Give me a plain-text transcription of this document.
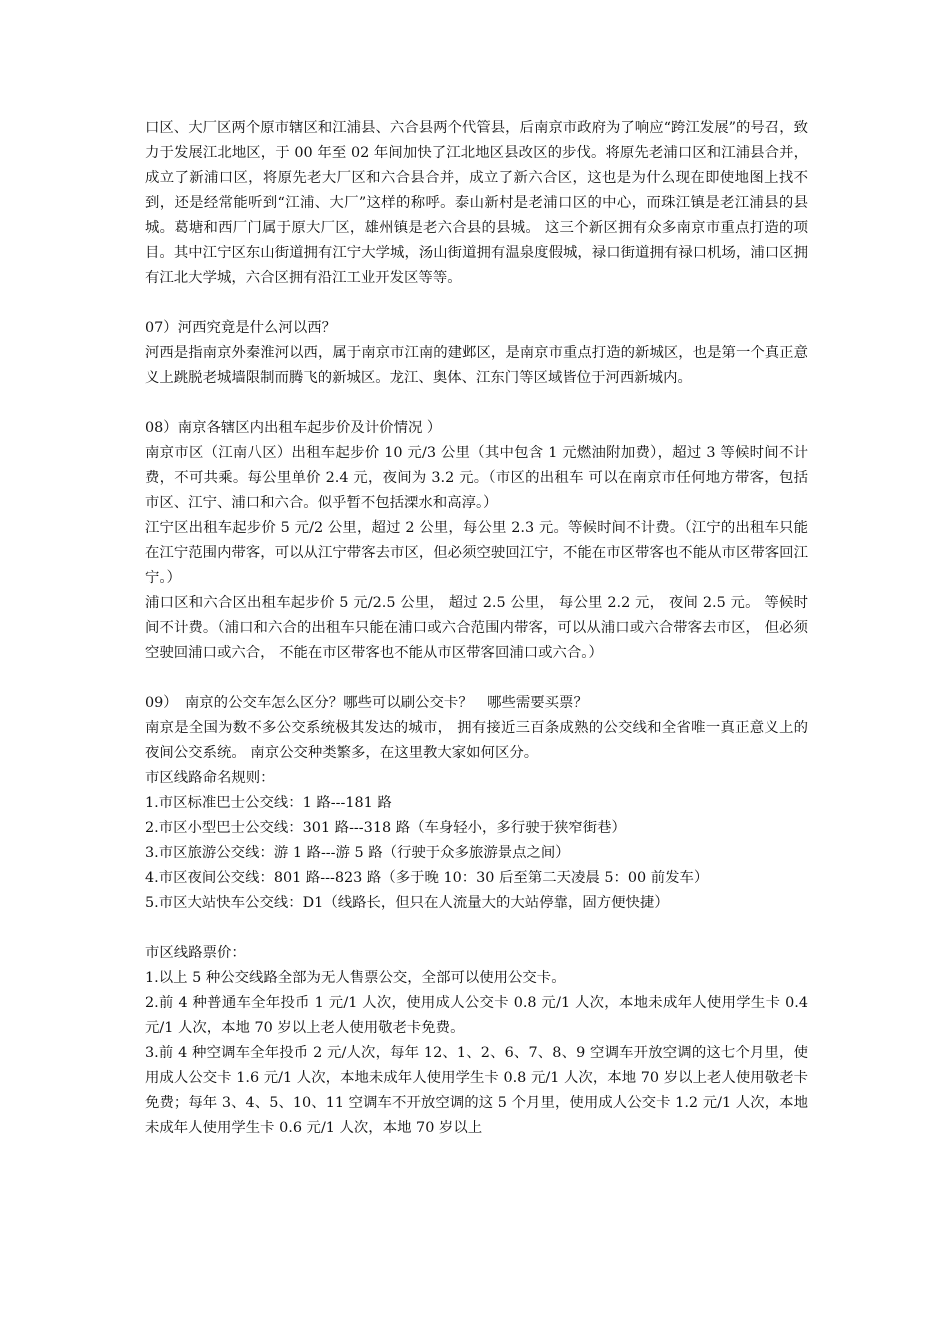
口区、大厂区两个原市辖区和江浦县、六合县两个代管县，后南京市政府为了响应“跨江发展”的号召，致力于发展江北地区，于 00 年至 02 年间加快了江北地区县改区的步伐。将原先老浦口区和江浦县合并，成立了新浦口区，将原先老大厂区和六合县合并，成立了新六合区，这也是为什么现在即使地图上找不到，还是经常能听到“江浦、大厂”这样的称呼。泰山新村是老浦口区的中心，而珠江镇是老江浦县的县城。葛塘和西厂门属于原大厂区，雄州镇是老六合县的县城。 这三个新区拥有众多南京市重点打造的项目。其中江宁区东山街道拥有江宁大学城，汤山街道拥有温泉度假城，禄口街道拥有禄口机场，浦口区拥有江北大学城，六合区拥有沿江工业开发区等等。

07）河西究竟是什么河以西？

河西是指南京外秦淮河以西，属于南京市江南的建邺区，是南京市重点打造的新城区，也是第一个真正意义上跳脱老城墙限制而腾飞的新城区。龙江、奥体、江东门等区域皆位于河西新城内。

08）南京各辖区内出租车起步价及计价情况 ）

南京市区（江南八区）出租车起步价 10 元/3 公里（其中包含 1 元燃油附加费），超过 3 等候时间不计费，不可共乘。每公里单价 2.4 元，夜间为 3.2 元。（市区的出租车 可以在南京市任何地方带客，包括市区、江宁、浦口和六合。似乎暂不包括溧水和高淳。）

江宁区出租车起步价 5 元/2 公里，超过 2 公里，每公里 2.3 元。等候时间不计费。（江宁的出租车只能在江宁范围内带客，可以从江宁带客去市区，但必须空驶回江宁，不能在市区带客也不能从市区带客回江宁。）

浦口区和六合区出租车起步价 5 元/2.5 公里， 超过 2.5 公里， 每公里 2.2 元， 夜间 2.5 元。 等候时间不计费。（浦口和六合的出租车只能在浦口或六合范围内带客，可以从浦口或六合带客去市区， 但必须空驶回浦口或六合， 不能在市区带客也不能从市区带客回浦口或六合。）

09）　南京的公交车怎么区分？哪些可以刷公交卡？　哪些需要买票？

南京是全国为数不多公交系统极其发达的城市， 拥有接近三百条成熟的公交线和全省唯一真正意义上的夜间公交系统。 南京公交种类繁多，在这里教大家如何区分。

市区线路命名规则：

1.市区标准巴士公交线：1 路---181 路

2.市区小型巴士公交线：301 路---318 路（车身轻小，多行驶于狭窄街巷）

3.市区旅游公交线：游 1 路---游 5 路（行驶于众多旅游景点之间）

4.市区夜间公交线：801 路---823 路（多于晚 10：30 后至第二天凌晨 5：00 前发车）

5.市区大站快车公交线：D1（线路长，但只在人流量大的大站停靠，固方便快捷）

市区线路票价：

1.以上 5 种公交线路全部为无人售票公交，全部可以使用公交卡。

2.前 4 种普通车全年投币 1 元/1 人次，使用成人公交卡 0.8 元/1 人次，本地未成年人使用学生卡 0.4 元/1 人次，本地 70 岁以上老人使用敬老卡免费。

3.前 4 种空调车全年投币 2 元/人次，每年 12、1、2、6、7、8、9 空调车开放空调的这七个月里，使用成人公交卡 1.6 元/1 人次，本地未成年人使用学生卡 0.8 元/1 人次，本地 70 岁以上老人使用敬老卡免费；每年 3、4、5、10、11 空调车不开放空调的这 5 个月里，使用成人公交卡 1.2 元/1 人次，本地未成年人使用学生卡 0.6 元/1 人次，本地 70 岁以上
